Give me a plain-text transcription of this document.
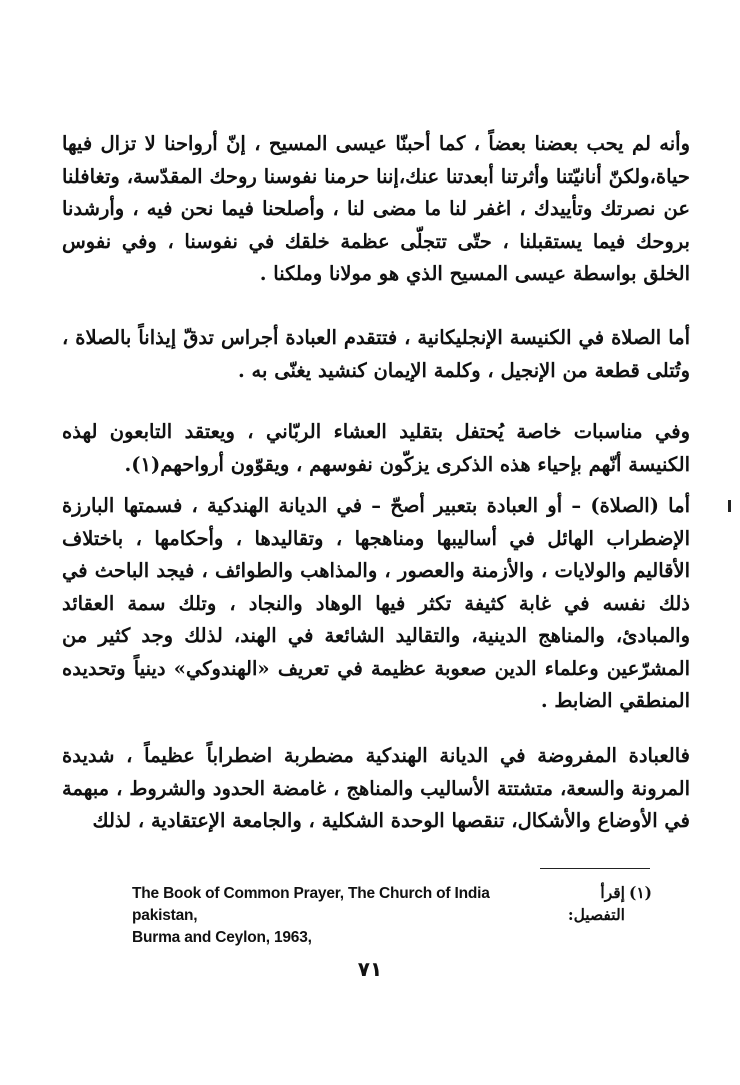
وأنه لم يحب بعضنا بعضاً ، كما أحبنّا عيسى المسيح ، إنّ أرواحنا لا تزال فيها حياة،ولكنّ أنانيّتنا وأثرتنا أبعدتنا عنك،إننا حرمنا نفوسنا روحك المقدّسة، وتغافلنا عن نصرتك وتأييدك ، اغفر لنا ما مضى لنا ، وأصلحنا فيما نحن فيه ، وأرشدنا بروحك فيما يستقبلنا ، حتّى تتجلّى عظمة خلقك في نفوسنا ، وفي نفوس الخلق بواسطة عيسى المسيح الذي هو مولانا وملكنا .

أما الصلاة في الكنيسة الإنجليكانية ، فتتقدم العبادة أجراس تدقّ إيذاناً بالصلاة ، وتُتلى قطعة من الإنجيل ، وكلمة الإيمان كنشيد يغنّى به .

وفي مناسبات خاصة يُحتفل بتقليد العشاء الربّاني ، ويعتقد التابعون لهذه الكنيسة أنّهم بإحياء هذه الذكرى يزكّون نفوسهم ، ويقوّون أرواحهم(١).

أما (الصلاة) – أو العبادة بتعبير أصحّ – في الديانة الهندكية ، فسمتها البارزة الإضطراب الهائل في أساليبها ومناهجها ، وتقاليدها ، وأحكامها ، باختلاف الأقاليم والولايات ، والأزمنة والعصور ، والمذاهب والطوائف ، فيجد الباحث في ذلك نفسه في غابة كثيفة تكثر فيها الوهاد والنجاد ، وتلك سمة العقائد والمبادئ، والمناهج الدينية، والتقاليد الشائعة في الهند، لذلك وجد كثير من المشرّعين وعلماء الدين صعوبة عظيمة في تعريف «الهندوكي» دينياً وتحديده المنطقي الضابط .

فالعبادة المفروضة في الديانة الهندكية مضطربة اضطراباً عظيماً ، شديدة المرونة والسعة، متشتتة الأساليب والمناهج ، غامضة الحدود والشروط ، مبهمة في الأوضاع والأشكال، تنقصها الوحدة الشكلية ، والجامعة الإعتقادية ، لذلك

(١)
إقرأ التفصيل:
The Book of Common Prayer, The Church of India pakistan,
Burma and Ceylon, 1963,

٧١
